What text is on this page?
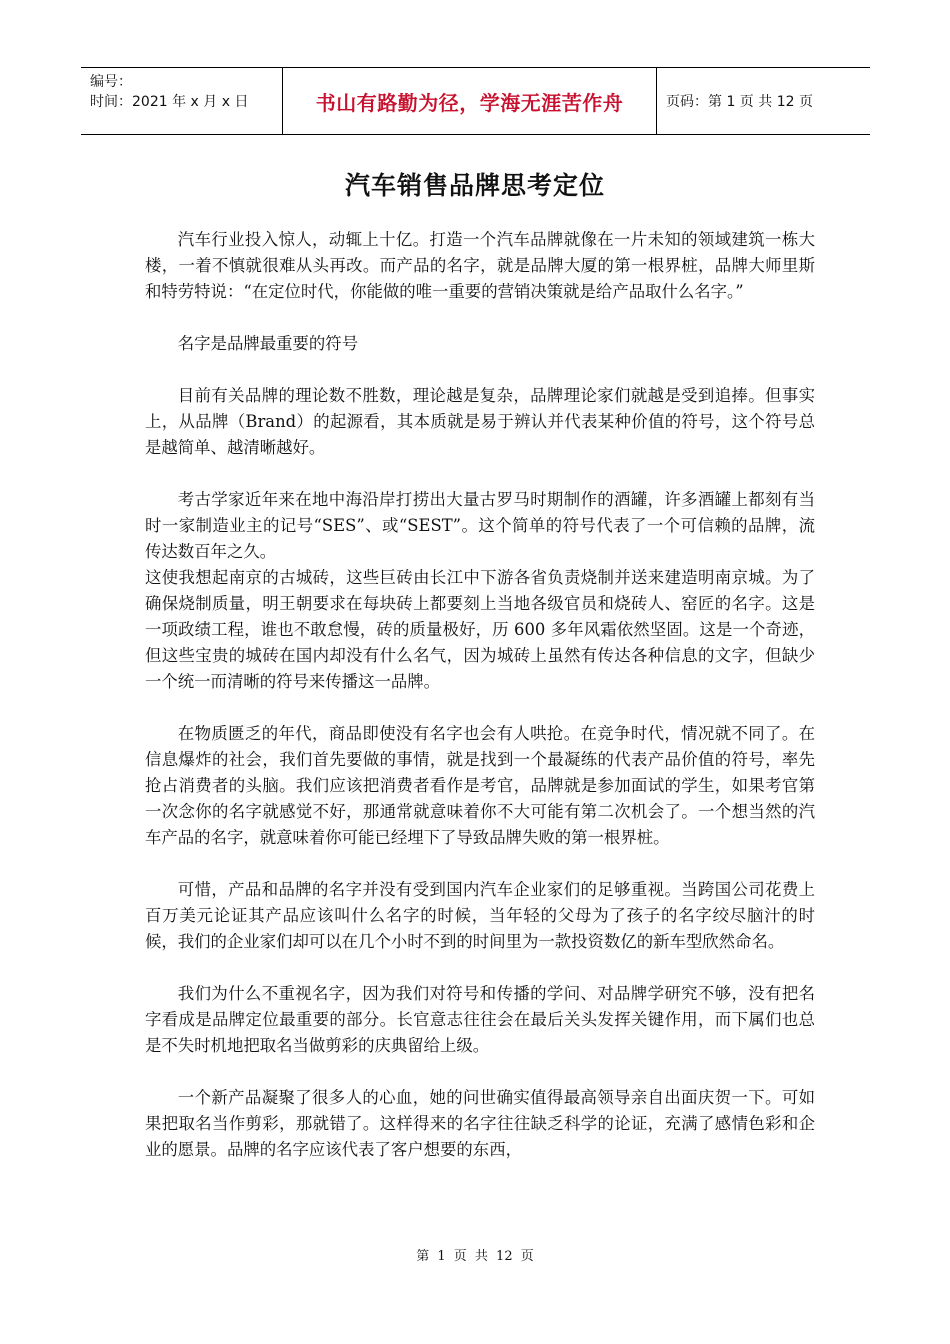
编号：
时间：2021 年 x 月 x 日	书山有路勤为径，学海无涯苦作舟	页码：第 1 页 共 12 页
汽车销售品牌思考定位

汽车行业投入惊人，动辄上十亿。打造一个汽车品牌就像在一片未知的领域建筑一栋大楼，一着不慎就很难从头再改。而产品的名字，就是品牌大厦的第一根界桩，品牌大师里斯和特劳特说：“在定位时代，你能做的唯一重要的营销决策就是给产品取什么名字。”

名字是品牌最重要的符号

目前有关品牌的理论数不胜数，理论越是复杂，品牌理论家们就越是受到追捧。但事实上，从品牌（Brand）的起源看，其本质就是易于辨认并代表某种价值的符号，这个符号总是越简单、越清晰越好。

考古学家近年来在地中海沿岸打捞出大量古罗马时期制作的酒罐，许多酒罐上都刻有当时一家制造业主的记号“SES”、或“SEST”。这个简单的符号代表了一个可信赖的品牌，流传达数百年之久。

这使我想起南京的古城砖，这些巨砖由长江中下游各省负责烧制并送来建造明南京城。为了确保烧制质量，明王朝要求在每块砖上都要刻上当地各级官员和烧砖人、窑匠的名字。这是一项政绩工程，谁也不敢怠慢，砖的质量极好，历 600 多年风霜依然坚固。这是一个奇迹，但这些宝贵的城砖在国内却没有什么名气，因为城砖上虽然有传达各种信息的文字，但缺少一个统一而清晰的符号来传播这一品牌。

在物质匮乏的年代，商品即使没有名字也会有人哄抢。在竞争时代，情况就不同了。在信息爆炸的社会，我们首先要做的事情，就是找到一个最凝练的代表产品价值的符号，率先抢占消费者的头脑。我们应该把消费者看作是考官，品牌就是参加面试的学生，如果考官第一次念你的名字就感觉不好，那通常就意味着你不大可能有第二次机会了。一个想当然的汽车产品的名字，就意味着你可能已经埋下了导致品牌失败的第一根界桩。

可惜，产品和品牌的名字并没有受到国内汽车企业家们的足够重视。当跨国公司花费上百万美元论证其产品应该叫什么名字的时候，当年轻的父母为了孩子的名字绞尽脑汁的时候，我们的企业家们却可以在几个小时不到的时间里为一款投资数亿的新车型欣然命名。

我们为什么不重视名字，因为我们对符号和传播的学问、对品牌学研究不够，没有把名字看成是品牌定位最重要的部分。长官意志往往会在最后关头发挥关键作用，而下属们也总是不失时机地把取名当做剪彩的庆典留给上级。

一个新产品凝聚了很多人的心血，她的问世确实值得最高领导亲自出面庆贺一下。可如果把取名当作剪彩，那就错了。这样得来的名字往往缺乏科学的论证，充满了感情色彩和企业的愿景。品牌的名字应该代表了客户想要的东西，

第 1 页 共 12 页
